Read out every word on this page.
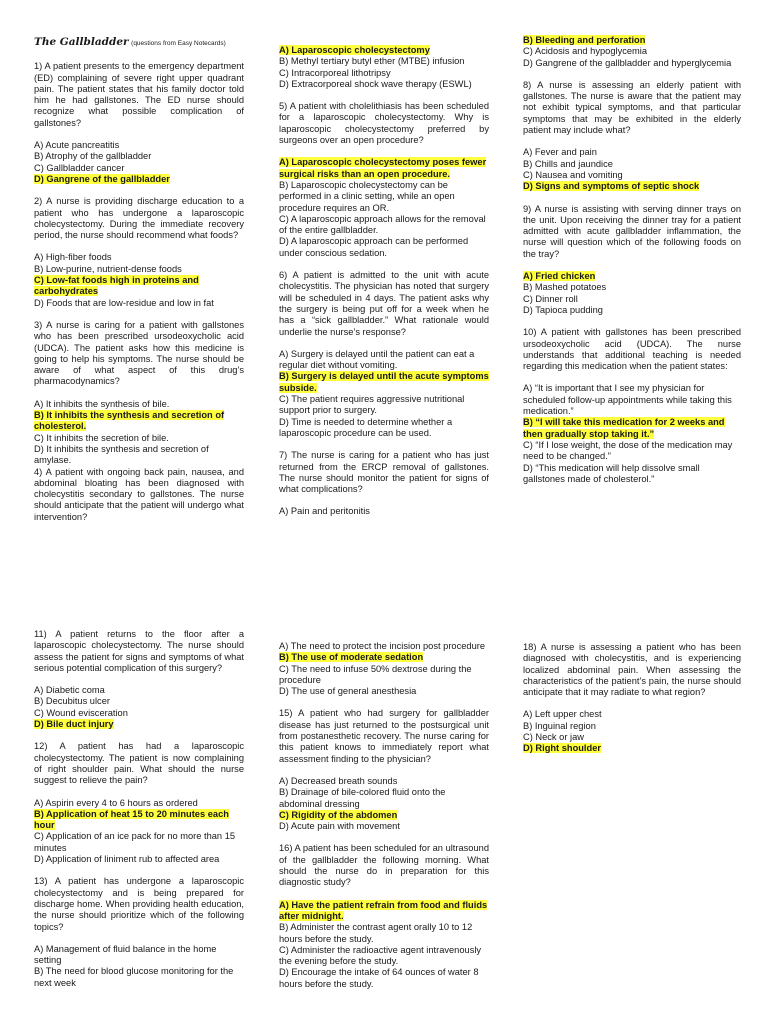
The Gallbladder (questions from Easy Notecards)

1) A patient presents to the emergency department (ED) complaining of severe right upper quadrant pain. The patient states that his family doctor told him he had gallstones. The ED nurse should recognize what possible complication of gallstones?

A) Acute pancreatitis
B) Atrophy of the gallbladder
C) Gallbladder cancer
D) Gangrene of the gallbladder

2) A nurse is providing discharge education to a patient who has undergone a laparoscopic cholecystectomy. During the immediate recovery period, the nurse should recommend what foods?

A) High-fiber foods
B) Low-purine, nutrient-dense foods
C) Low-fat foods high in proteins and carbohydrates
D) Foods that are low-residue and low in fat

3) A nurse is caring for a patient with gallstones who has been prescribed ursodeoxycholic acid (UDCA). The patient asks how this medicine is going to help his symptoms. The nurse should be aware of what aspect of this drug’s pharmacodynamics?

A) It inhibits the synthesis of bile.
B) It inhibits the synthesis and secretion of cholesterol.
C) It inhibits the secretion of bile.
D) It inhibits the synthesis and secretion of amylase.

4) A patient with ongoing back pain, nausea, and abdominal bloating has been diagnosed with cholecystitis secondary to gallstones. The nurse should anticipate that the patient will undergo what intervention?

A) Laparoscopic cholecystectomy
B) Methyl tertiary butyl ether (MTBE) infusion
C) Intracorporeal lithotripsy
D) Extracorporeal shock wave therapy (ESWL)

5) A patient with cholelithiasis has been scheduled for a laparoscopic cholecystectomy. Why is laparoscopic cholecystectomy preferred by surgeons over an open procedure?

A) Laparoscopic cholecystectomy poses fewer surgical risks than an open procedure.
B) Laparoscopic cholecystectomy can be performed in a clinic setting, while an open procedure requires an OR.
C) A laparoscopic approach allows for the removal of the entire gallbladder.
D) A laparoscopic approach can be performed under conscious sedation.

6) A patient is admitted to the unit with acute cholecystitis. The physician has noted that surgery will be scheduled in 4 days. The patient asks why the surgery is being put off for a week when he has a “sick gallbladder.” What rationale would underlie the nurse’s response?

A) Surgery is delayed until the patient can eat a regular diet without vomiting.
B) Surgery is delayed until the acute symptoms subside.
C) The patient requires aggressive nutritional support prior to surgery.
D) Time is needed to determine whether a laparoscopic procedure can be used.

7) The nurse is caring for a patient who has just returned from the ERCP removal of gallstones. The nurse should monitor the patient for signs of what complications?

A) Pain and peritonitis
B) Bleeding and perforation
C) Acidosis and hypoglycemia
D) Gangrene of the gallbladder and hyperglycemia

8) A nurse is assessing an elderly patient with gallstones. The nurse is aware that the patient may not exhibit typical symptoms, and that particular symptoms that may be exhibited in the elderly patient may include what?

A) Fever and pain
B) Chills and jaundice
C) Nausea and vomiting
D) Signs and symptoms of septic shock

9) A nurse is assisting with serving dinner trays on the unit. Upon receiving the dinner tray for a patient admitted with acute gallbladder inflammation, the nurse will question which of the following foods on the tray?

A) Fried chicken
B) Mashed potatoes
C) Dinner roll
D) Tapioca pudding

10) A patient with gallstones has been prescribed ursodeoxycholic acid (UDCA). The nurse understands that additional teaching is needed regarding this medication when the patient states:

A) “It is important that I see my physician for scheduled follow-up appointments while taking this medication.”
B) “I will take this medication for 2 weeks and then gradually stop taking it.”
C) “If I lose weight, the dose of the medication may need to be changed.”
D) “This medication will help dissolve small gallstones made of cholesterol.”

11) A patient returns to the floor after a laparoscopic cholecystectomy. The nurse should assess the patient for signs and symptoms of what serious potential complication of this surgery?

A) Diabetic coma
B) Decubitus ulcer
C) Wound evisceration
D) Bile duct injury

12) A patient has had a laparoscopic cholecystectomy. The patient is now complaining of right shoulder pain. What should the nurse suggest to relieve the pain?

A) Aspirin every 4 to 6 hours as ordered
B) Application of heat 15 to 20 minutes each hour
C) Application of an ice pack for no more than 15 minutes
D) Application of liniment rub to affected area

13) A patient has undergone a laparoscopic cholecystectomy and is being prepared for discharge home. When providing health education, the nurse should prioritize which of the following topics?

A) Management of fluid balance in the home setting
B) The need for blood glucose monitoring for the next week
A) The need to protect the incision post procedure
B) The use of moderate sedation
C) The need to infuse 50% dextrose during the procedure
D) The use of general anesthesia

15) A patient who had surgery for gallbladder disease has just returned to the postsurgical unit from postanesthetic recovery. The nurse caring for this patient knows to immediately report what assessment finding to the physician?

A) Decreased breath sounds
B) Drainage of bile-colored fluid onto the abdominal dressing
C) Rigidity of the abdomen
D) Acute pain with movement

16) A patient has been scheduled for an ultrasound of the gallbladder the following morning. What should the nurse do in preparation for this diagnostic study?

A) Have the patient refrain from food and fluids after midnight.
B) Administer the contrast agent orally 10 to 12 hours before the study.
C) Administer the radioactive agent intravenously the evening before the study.
D) Encourage the intake of 64 ounces of water 8 hours before the study.

18) A nurse is assessing a patient who has been diagnosed with cholecystitis, and is experiencing localized abdominal pain. When assessing the characteristics of the patient’s pain, the nurse should anticipate that it may radiate to what region?

A) Left upper chest
B) Inguinal region
C) Neck or jaw
D) Right shoulder
